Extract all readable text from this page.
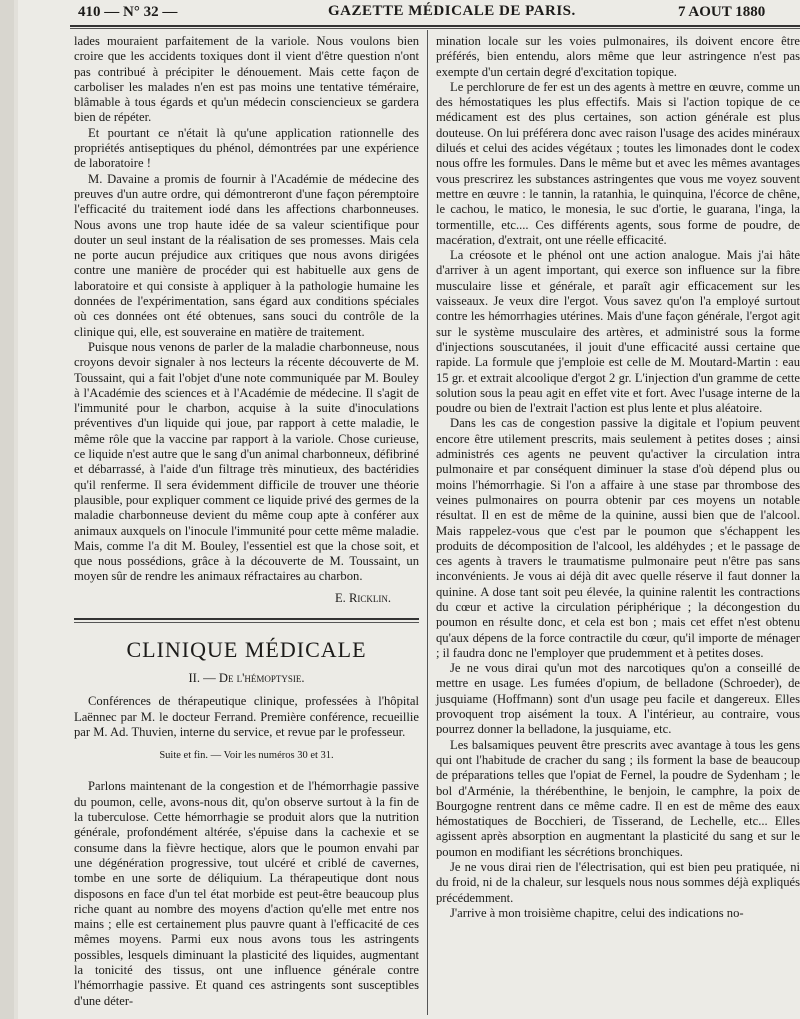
410 — N° 32 —	GAZETTE MÉDICALE DE PARIS.	7 AOUT 1880

lades mouraient parfaitement de la variole. Nous voulons bien croire que les accidents toxiques dont il vient d'être question n'ont pas contribué à précipiter le dénouement. Mais cette façon de carboliser les malades n'en est pas moins une tentative téméraire, blâmable à tous égards et qu'un médecin consciencieux se gardera bien de répéter.

Et pourtant ce n'était là qu'une application rationnelle des propriétés antiseptiques du phénol, démontrées par une expérience de laboratoire !

M. Davaine a promis de fournir à l'Académie de médecine des preuves d'un autre ordre, qui démontreront d'une façon péremptoire l'efficacité du traitement iodé dans les affections charbonneuses. Nous avons une trop haute idée de sa valeur scientifique pour douter un seul instant de la réalisation de ses promesses. Mais cela ne porte aucun préjudice aux critiques que nous avons dirigées contre une manière de procéder qui est habituelle aux gens de laboratoire et qui consiste à appliquer à la pathologie humaine les données de l'expérimentation, sans égard aux conditions spéciales où ces données ont été obtenues, sans souci du contrôle de la clinique qui, elle, est souveraine en matière de traitement.

Puisque nous venons de parler de la maladie charbonneuse, nous croyons devoir signaler à nos lecteurs la récente découverte de M. Toussaint, qui a fait l'objet d'une note communiquée par M. Bouley à l'Académie des sciences et à l'Académie de médecine. Il s'agit de l'immunité pour le charbon, acquise à la suite d'inoculations préventives d'un liquide qui joue, par rapport à cette maladie, le même rôle que la vaccine par rapport à la variole. Chose curieuse, ce liquide n'est autre que le sang d'un animal charbonneux, défibriné et débarrassé, à l'aide d'un filtrage très minutieux, des bactéridies qu'il renferme. Il sera évidemment difficile de trouver une théorie plausible, pour expliquer comment ce liquide privé des germes de la maladie charbonneuse devient du même coup apte à conférer aux animaux auxquels on l'inocule l'immunité pour cette même maladie. Mais, comme l'a dit M. Bouley, l'essentiel est que la chose soit, et que nous possédions, grâce à la découverte de M. Toussaint, un moyen sûr de rendre les animaux réfractaires au charbon.

E. Ricklin.
CLINIQUE MÉDICALE
II. — De l'hémoptysie.

Conférences de thérapeutique clinique, professées à l'hôpital Laënnec par M. le docteur Ferrand. Première conférence, recueillie par M. Ad. Thuvien, interne du service, et revue par le professeur.

Suite et fin. — Voir les numéros 30 et 31.

Parlons maintenant de la congestion et de l'hémorrhagie passive du poumon, celle, avons-nous dit, qu'on observe surtout à la fin de la tuberculose. Cette hémorrhagie se produit alors que la nutrition générale, profondément altérée, s'épuise dans la cachexie et se consume dans la fièvre hectique, alors que le poumon envahi par une dégénération progressive, tout ulcéré et criblé de cavernes, tombe en une sorte de déliquium. La thérapeutique dont nous disposons en face d'un tel état morbide est peut-être beaucoup plus riche quant au nombre des moyens d'action qu'elle met entre nos mains ; elle est certainement plus pauvre quant à l'efficacité de ces mêmes moyens. Parmi eux nous avons tous les astringents possibles, lesquels diminuant la plasticité des liquides, augmentant la tonicité des tissus, ont une influence générale contre l'hémorrhagie passive. Et quand ces astringents sont susceptibles d'une déter-

mination locale sur les voies pulmonaires, ils doivent encore être préférés, bien entendu, alors même que leur astringence n'est pas exempte d'un certain degré d'excitation topique.

Le perchlorure de fer est un des agents à mettre en œuvre, comme un des hémostatiques les plus effectifs. Mais si l'action topique de ce médicament est des plus certaines, son action générale est plus douteuse. On lui préférera donc avec raison l'usage des acides minéraux dilués et celui des acides végétaux ; toutes les limonades dont le codex nous offre les formules. Dans le même but et avec les mêmes avantages vous prescrirez les substances astringentes que vous me voyez souvent mettre en œuvre : le tannin, la ratanhia, le quinquina, l'écorce de chêne, le cachou, le matico, le monesia, le suc d'ortie, le guarana, l'inga, la tormentille, etc.... Ces différents agents, sous forme de poudre, de macération, d'extrait, ont une réelle efficacité.

La créosote et le phénol ont une action analogue. Mais j'ai hâte d'arriver à un agent important, qui exerce son influence sur la fibre musculaire lisse et générale, et paraît agir efficacement sur les vaisseaux. Je veux dire l'ergot. Vous savez qu'on l'a employé surtout contre les hémorrhagies utérines. Mais d'une façon générale, l'ergot agit sur le système musculaire des artères, et administré sous la forme d'injections souscutanées, il jouit d'une efficacité aussi certaine que rapide. La formule que j'emploie est celle de M. Moutard-Martin : eau 15 gr. et extrait alcoolique d'ergot 2 gr. L'injection d'un gramme de cette solution sous la peau agit en effet vite et fort. Avec l'usage interne de la poudre ou bien de l'extrait l'action est plus lente et plus aléatoire.

Dans les cas de congestion passive la digitale et l'opium peuvent encore être utilement prescrits, mais seulement à petites doses ; ainsi administrés ces agents ne peuvent qu'activer la circulation intra pulmonaire et par conséquent diminuer la stase d'où dépend plus ou moins l'hémorrhagie. Si l'on a affaire à une stase par thrombose des veines pulmonaires on pourra obtenir par ces moyens un notable résultat. Il en est de même de la quinine, aussi bien que de l'alcool. Mais rappelez-vous que c'est par le poumon que s'échappent les produits de décomposition de l'alcool, les aldéhydes ; et le passage de ces agents à travers le traumatisme pulmonaire peut n'être pas sans inconvénients. Je vous ai déjà dit avec quelle réserve il faut donner la quinine. A dose tant soit peu élevée, la quinine ralentit les contractions du cœur et active la circulation périphérique ; la décongestion du poumon en résulte donc, et cela est bon ; mais cet effet n'est obtenu qu'aux dépens de la force contractile du cœur, qu'il importe de ménager ; il faudra donc ne l'employer que prudemment et à petites doses.

Je ne vous dirai qu'un mot des narcotiques qu'on a conseillé de mettre en usage. Les fumées d'opium, de belladone (Schroeder), de jusquiame (Hoffmann) sont d'un usage peu facile et dangereux. Elles provoquent trop aisément la toux. A l'intérieur, au contraire, vous pourrez donner la belladone, la jusquiame, etc.

Les balsamiques peuvent être prescrits avec avantage à tous les gens qui ont l'habitude de cracher du sang ; ils forment la base de beaucoup de préparations telles que l'opiat de Fernel, la poudre de Sydenham ; le bol d'Arménie, la thérébenthine, le benjoin, le camphre, la poix de Bourgogne rentrent dans ce même cadre. Il en est de même des eaux hémostatiques de Bocchieri, de Tisserand, de Lechelle, etc... Elles agissent après absorption en augmentant la plasticité du sang et sur le poumon en modifiant les sécrétions bronchiques.

Je ne vous dirai rien de l'électrisation, qui est bien peu pratiquée, ni du froid, ni de la chaleur, sur lesquels nous nous sommes déjà expliqués précédemment.

J'arrive à mon troisième chapitre, celui des indications no-
